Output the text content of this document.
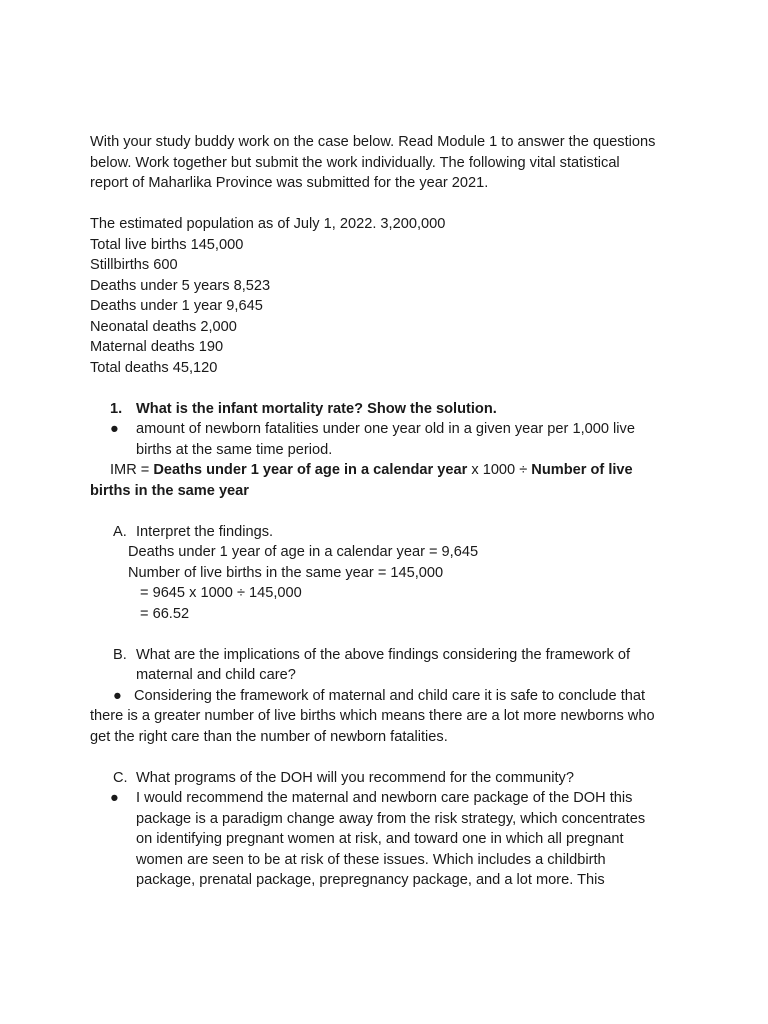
With your study buddy work on the case below. Read Module 1 to answer the questions

below. Work together but submit the work individually. The following vital statistical

report of Maharlika Province was submitted for the year 2021.

The estimated population as of July 1, 2022. 3,200,000

Total live births 145,000

Stillbirths 600

Deaths under 5 years 8,523

Deaths under 1 year 9,645

Neonatal deaths 2,000

Maternal deaths 190

Total deaths 45,120

1. What is the infant mortality rate? Show the solution.
● amount of newborn fatalities under one year old in a given year per 1,000 live

births at the same time period.

IMR = Deaths under 1 year of age in a calendar year x 1000 ÷ Number of live

births in the same year

A. Interpret the findings.

Deaths under 1 year of age in a calendar year = 9,645

Number of live births in the same year = 145,000

= 9645 x 1000 ÷ 145,000

= 66.52

B. What are the implications of the above findings considering the framework of

maternal and child care?

● Considering the framework of maternal and child care it is safe to conclude that

there is a greater number of live births which means there are a lot more newborns who

get the right care than the number of newborn fatalities.

C. What programs of the DOH will you recommend for the community?
● I would recommend the maternal and newborn care package of the DOH this

package is a paradigm change away from the risk strategy, which concentrates

on identifying pregnant women at risk, and toward one in which all pregnant

women are seen to be at risk of these issues. Which includes a childbirth

package, prenatal package, prepregnancy package, and a lot more. This
